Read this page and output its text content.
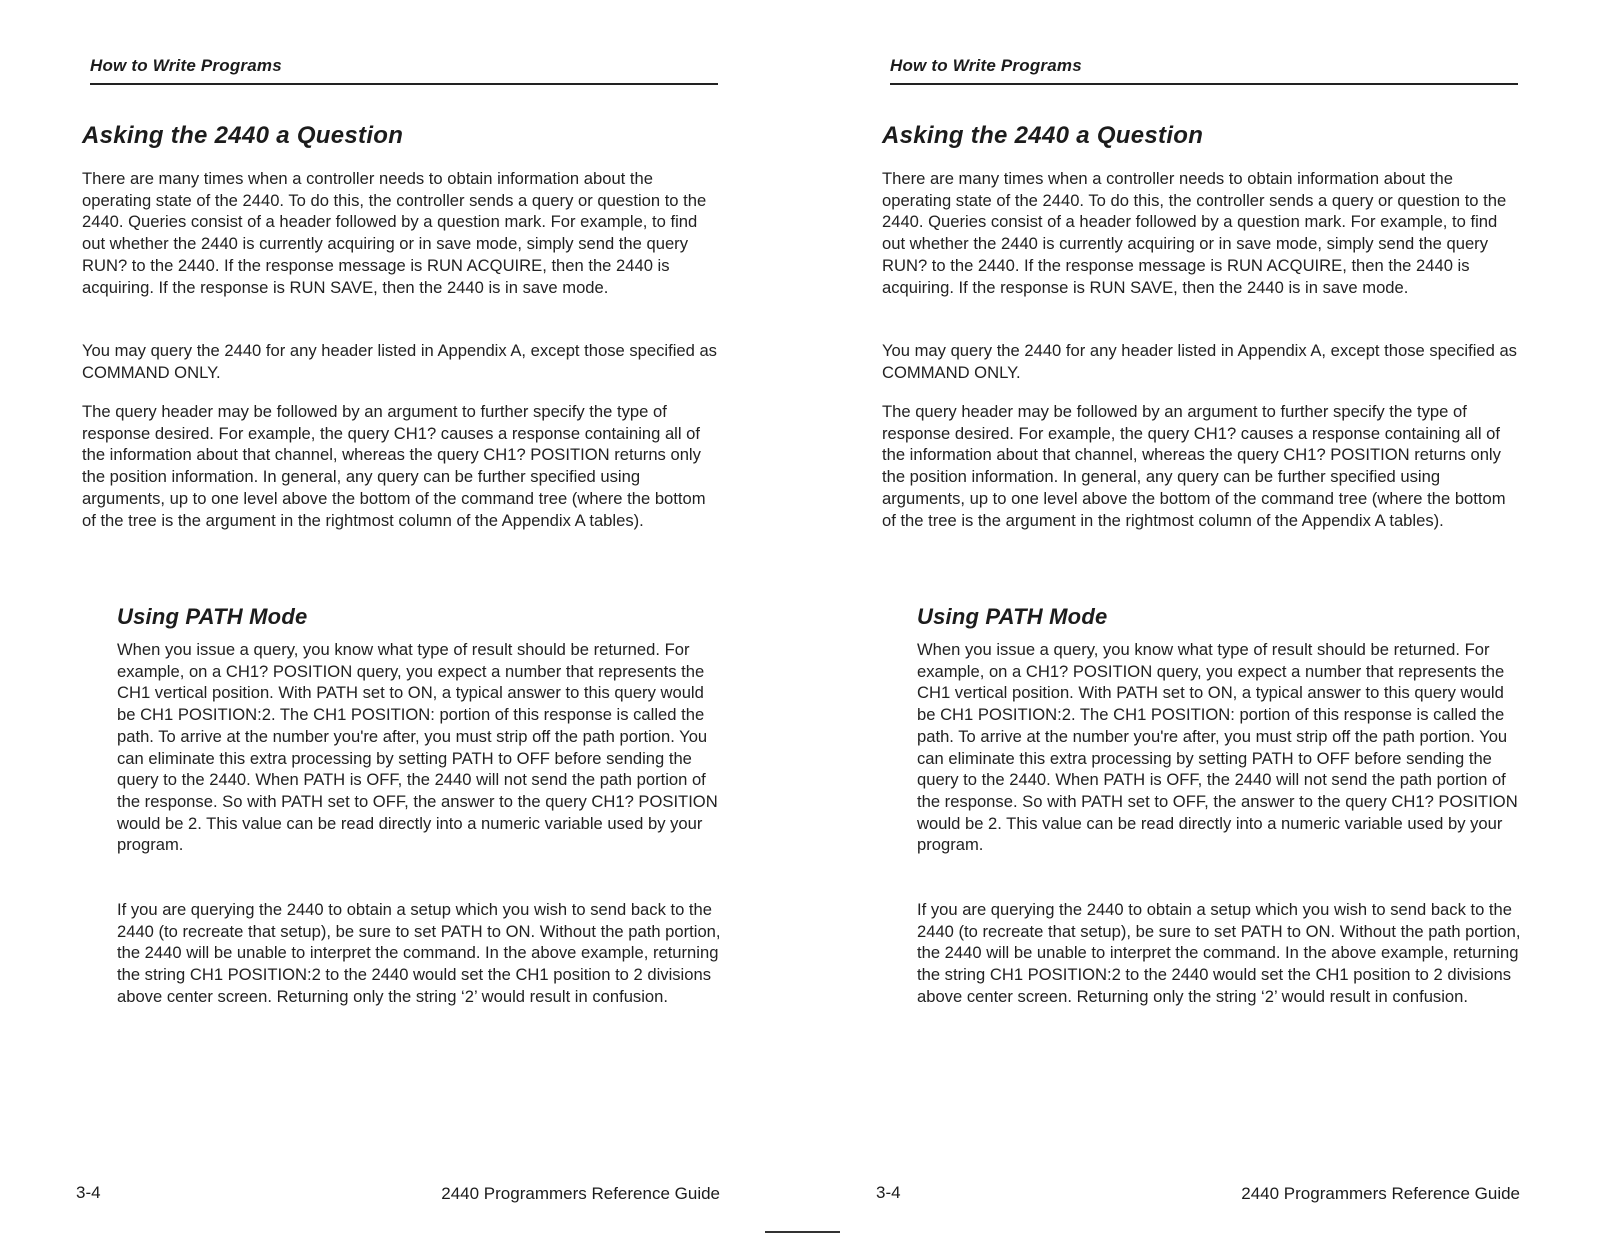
How to Write Programs
Asking the 2440 a Question

There are many times when a controller needs to obtain information about the operating state of the 2440. To do this, the controller sends a query or question to the 2440. Queries consist of a header followed by a question mark. For example, to find out whether the 2440 is currently acquiring or in save mode, simply send the query RUN? to the 2440. If the response message is RUN ACQUIRE, then the 2440 is acquiring. If the response is RUN SAVE, then the 2440 is in save mode.

You may query the 2440 for any header listed in Appendix A, except those specified as COMMAND ONLY.

The query header may be followed by an argument to further specify the type of response desired. For example, the query CH1? causes a response containing all of the information about that channel, whereas the query CH1? POSITION returns only the position information. In general, any query can be further specified using arguments, up to one level above the bottom of the command tree (where the bottom of the tree is the argument in the rightmost column of the Appendix A tables).

Using PATH Mode

When you issue a query, you know what type of result should be returned. For example, on a CH1? POSITION query, you expect a number that represents the CH1 vertical position. With PATH set to ON, a typical answer to this query would be CH1 POSITION:2. The CH1 POSITION: portion of this response is called the path. To arrive at the number you're after, you must strip off the path portion. You can eliminate this extra processing by setting PATH to OFF before sending the query to the 2440. When PATH is OFF, the 2440 will not send the path portion of the response. So with PATH set to OFF, the answer to the query CH1? POSITION would be 2. This value can be read directly into a numeric variable used by your program.

If you are querying the 2440 to obtain a setup which you wish to send back to the 2440 (to recreate that setup), be sure to set PATH to ON. Without the path portion, the 2440 will be unable to interpret the command. In the above example, returning the string CH1 POSITION:2 to the 2440 would set the CH1 position to 2 divisions above center screen. Returning only the string ‘2’ would result in confusion.

3-4	2440 Programmers Reference Guide
How to Write Programs
Asking the 2440 a Question

There are many times when a controller needs to obtain information about the operating state of the 2440. To do this, the controller sends a query or question to the 2440. Queries consist of a header followed by a question mark. For example, to find out whether the 2440 is currently acquiring or in save mode, simply send the query RUN? to the 2440. If the response message is RUN ACQUIRE, then the 2440 is acquiring. If the response is RUN SAVE, then the 2440 is in save mode.

You may query the 2440 for any header listed in Appendix A, except those specified as COMMAND ONLY.

The query header may be followed by an argument to further specify the type of response desired. For example, the query CH1? causes a response containing all of the information about that channel, whereas the query CH1? POSITION returns only the position information. In general, any query can be further specified using arguments, up to one level above the bottom of the command tree (where the bottom of the tree is the argument in the rightmost column of the Appendix A tables).

Using PATH Mode

When you issue a query, you know what type of result should be returned. For example, on a CH1? POSITION query, you expect a number that represents the CH1 vertical position. With PATH set to ON, a typical answer to this query would be CH1 POSITION:2. The CH1 POSITION: portion of this response is called the path. To arrive at the number you're after, you must strip off the path portion. You can eliminate this extra processing by setting PATH to OFF before sending the query to the 2440. When PATH is OFF, the 2440 will not send the path portion of the response. So with PATH set to OFF, the answer to the query CH1? POSITION would be 2. This value can be read directly into a numeric variable used by your program.

If you are querying the 2440 to obtain a setup which you wish to send back to the 2440 (to recreate that setup), be sure to set PATH to ON. Without the path portion, the 2440 will be unable to interpret the command. In the above example, returning the string CH1 POSITION:2 to the 2440 would set the CH1 position to 2 divisions above center screen. Returning only the string ‘2’ would result in confusion.

3-4	2440 Programmers Reference Guide
